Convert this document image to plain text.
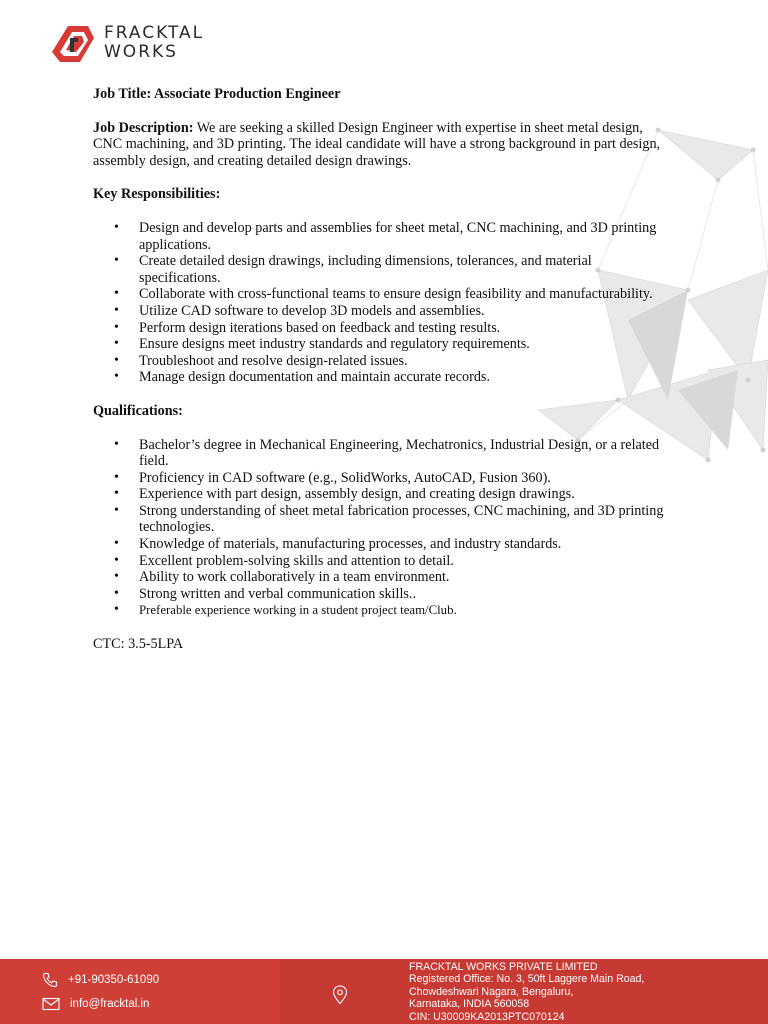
FRACKTAL
WORKS

Job Title: Associate Production Engineer

Job Description: We are seeking a skilled Design Engineer with expertise in sheet metal design, CNC machining, and 3D printing. The ideal candidate will have a strong background in part design, assembly design, and creating detailed design drawings.

Key Responsibilities:

• Design and develop parts and assemblies for sheet metal, CNC machining, and 3D printing applications.
• Create detailed design drawings, including dimensions, tolerances, and material specifications.
• Collaborate with cross-functional teams to ensure design feasibility and manufacturability.
• Utilize CAD software to develop 3D models and assemblies.
• Perform design iterations based on feedback and testing results.
• Ensure designs meet industry standards and regulatory requirements.
• Troubleshoot and resolve design-related issues.
• Manage design documentation and maintain accurate records.

Qualifications:

• Bachelor’s degree in Mechanical Engineering, Mechatronics, Industrial Design, or a related field.
• Proficiency in CAD software (e.g., SolidWorks, AutoCAD, Fusion 360).
• Experience with part design, assembly design, and creating design drawings.
• Strong understanding of sheet metal fabrication processes, CNC machining, and 3D printing technologies.
• Knowledge of materials, manufacturing processes, and industry standards.
• Excellent problem-solving skills and attention to detail.
• Ability to work collaboratively in a team environment.
• Strong written and verbal communication skills..
• Preferable experience working in a student project team/Club.

CTC: 3.5-5LPA

+91-90350-61090
info@fracktal.in
FRACKTAL WORKS PRIVATE LIMITED
Registered Office: No. 3, 50ft Laggere Main Road,
Chowdeshwari Nagara, Bengaluru,
Karnataka, INDIA 560058
CIN: U30009KA2013PTC070124
